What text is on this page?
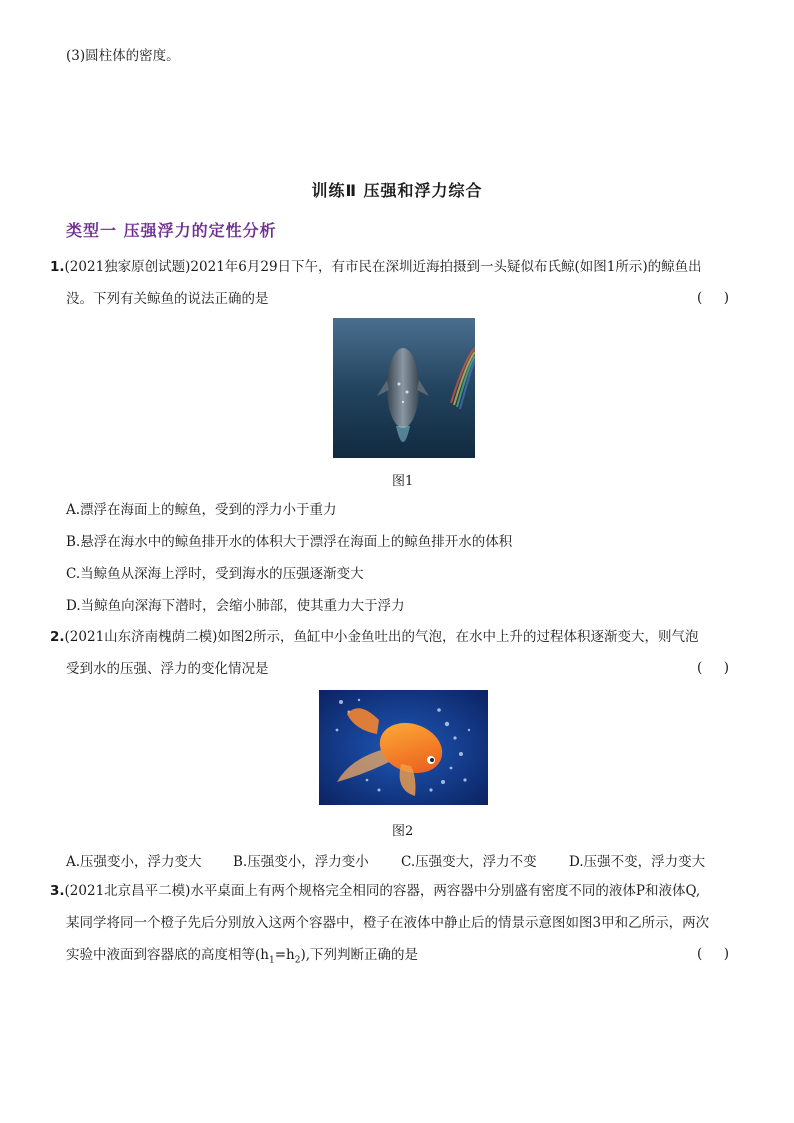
(3)圆柱体的密度。
训练Ⅱ 压强和浮力综合
类型一 压强浮力的定性分析
1.(2021独家原创试题)2021年6月29日下午，有市民在深圳近海拍摄到一头疑似布氏鲸(如图1所示)的鲸鱼出
没。下列有关鲸鱼的说法正确的是	(     )
图1
A.漂浮在海面上的鲸鱼，受到的浮力小于重力
B.悬浮在海水中的鲸鱼排开水的体积大于漂浮在海面上的鲸鱼排开水的体积
C.当鲸鱼从深海上浮时，受到海水的压强逐渐变大
D.当鲸鱼向深海下潜时，会缩小肺部，使其重力大于浮力
2.(2021山东济南槐荫二模)如图2所示，鱼缸中小金鱼吐出的气泡，在水中上升的过程体积逐渐变大，则气泡
受到水的压强、浮力的变化情况是	(     )
图2
A.压强变小，浮力变大 B.压强变小，浮力变小 C.压强变大，浮力不变 D.压强不变，浮力变大
3.(2021北京昌平二模)水平桌面上有两个规格完全相同的容器，两容器中分别盛有密度不同的液体P和液体Q,
某同学将同一个橙子先后分别放入这两个容器中，橙子在液体中静止后的情景示意图如图3甲和乙所示，两次
实验中液面到容器底的高度相等$(h_1=h_2)$,下列判断正确的是	(     )
